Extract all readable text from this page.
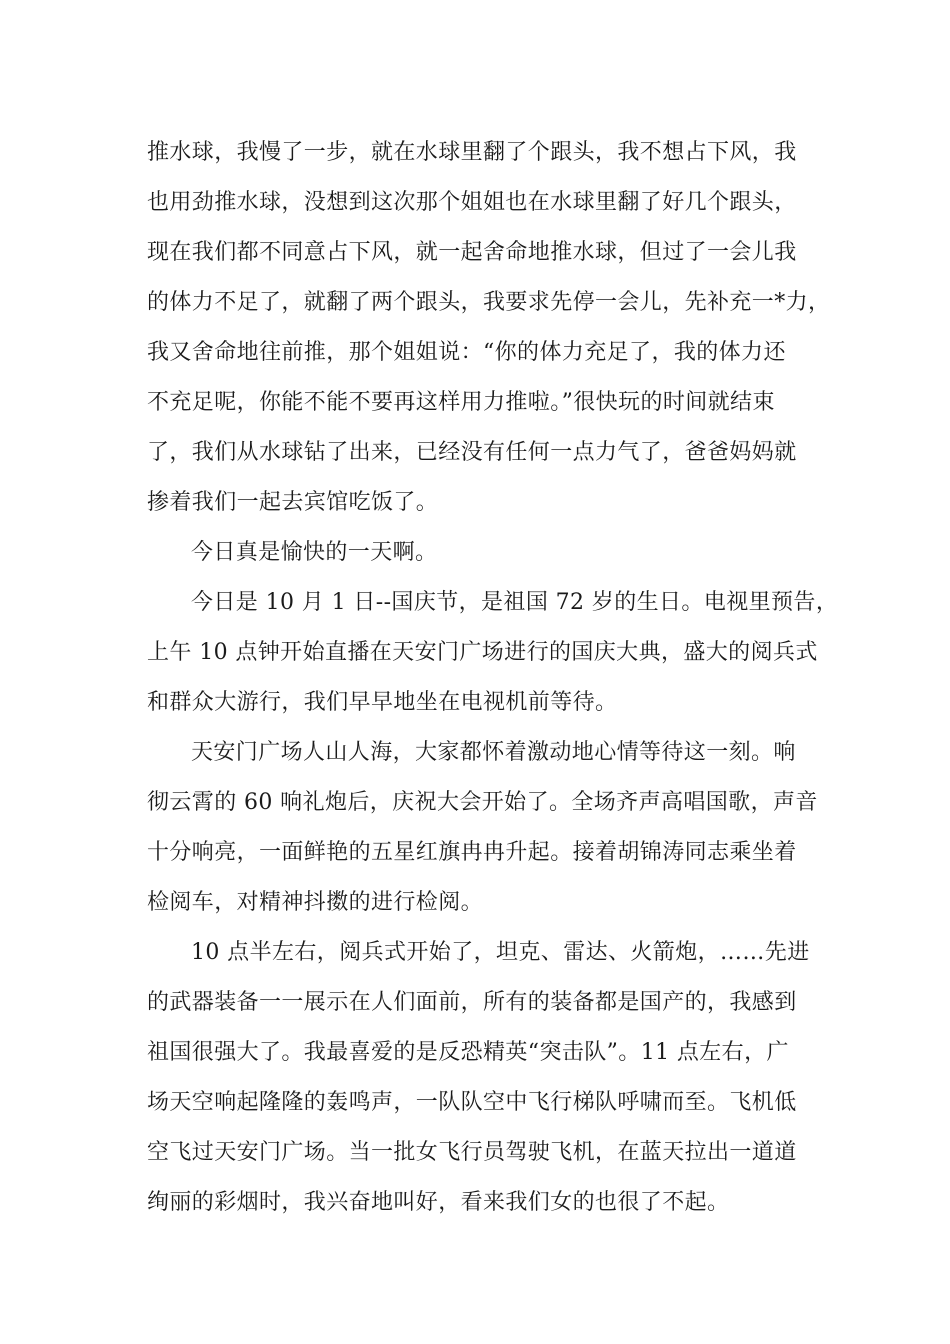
推水球，我慢了一步，就在水球里翻了个跟头，我不想占下风，我
也用劲推水球，没想到这次那个姐姐也在水球里翻了好几个跟头，
现在我们都不同意占下风，就一起舍命地推水球，但过了一会儿我
的体力不足了，就翻了两个跟头，我要求先停一会儿，先补充一*力，
我又舍命地往前推，那个姐姐说：“你的体力充足了，我的体力还
不充足呢，你能不能不要再这样用力推啦。”很快玩的时间就结束
了，我们从水球钻了出来，已经没有任何一点力气了，爸爸妈妈就
掺着我们一起去宾馆吃饭了。
今日真是愉快的一天啊。
今日是 10 月 1 日--国庆节，是祖国 72 岁的生日。电视里预告，
上午 10 点钟开始直播在天安门广场进行的国庆大典，盛大的阅兵式
和群众大游行，我们早早地坐在电视机前等待。
天安门广场人山人海，大家都怀着激动地心情等待这一刻。响
彻云霄的 60 响礼炮后，庆祝大会开始了。全场齐声高唱国歌，声音
十分响亮，一面鲜艳的五星红旗冉冉升起。接着胡锦涛同志乘坐着
检阅车，对精神抖擞的进行检阅。
10 点半左右，阅兵式开始了，坦克、雷达、火箭炮，……先进
的武器装备一一展示在人们面前，所有的装备都是国产的，我感到
祖国很强大了。我最喜爱的是反恐精英“突击队”。11 点左右，广
场天空响起隆隆的轰鸣声，一队队空中飞行梯队呼啸而至。飞机低
空飞过天安门广场。当一批女飞行员驾驶飞机，在蓝天拉出一道道
绚丽的彩烟时，我兴奋地叫好，看来我们女的也很了不起。
